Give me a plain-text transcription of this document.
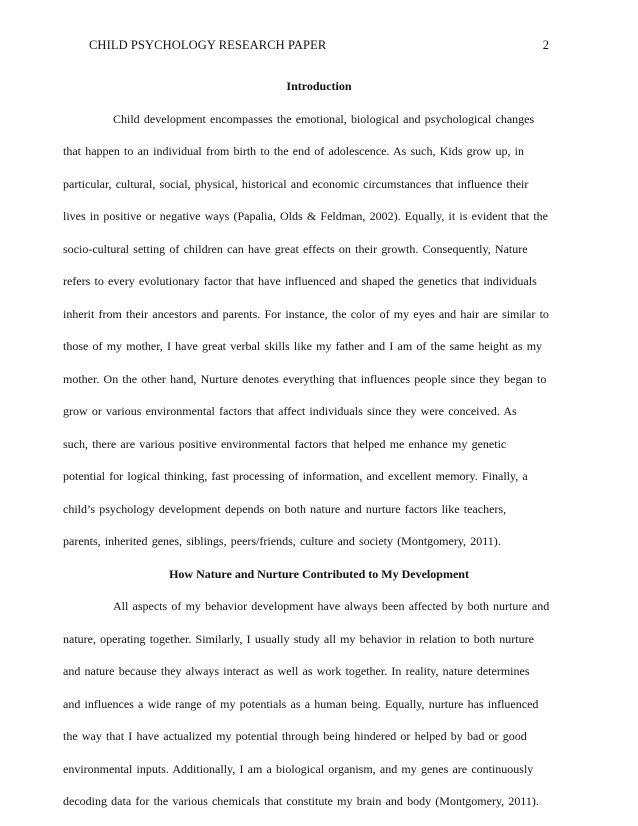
CHILD PSYCHOLOGY RESEARCH PAPER	2
Introduction
Child development encompasses the emotional, biological and psychological changes
that happen to an individual from birth to the end of adolescence. As such, Kids grow up, in
particular, cultural, social, physical, historical and economic circumstances that influence their
lives in positive or negative ways (Papalia, Olds & Feldman, 2002). Equally, it is evident that the
socio-cultural setting of children can have great effects on their growth. Consequently, Nature
refers to every evolutionary factor that have influenced and shaped the genetics that individuals
inherit from their ancestors and parents. For instance, the color of my eyes and hair are similar to
those of my mother, I have great verbal skills like my father and I am of the same height as my
mother. On the other hand, Nurture denotes everything that influences people since they began to
grow or various environmental factors that affect individuals since they were conceived. As
such, there are various positive environmental factors that helped me enhance my genetic
potential for logical thinking, fast processing of information, and excellent memory. Finally, a
child’s psychology development depends on both nature and nurture factors like teachers,
parents, inherited genes, siblings, peers/friends, culture and society (Montgomery, 2011).
How Nature and Nurture Contributed to My Development
All aspects of my behavior development have always been affected by both nurture and
nature, operating together. Similarly, I usually study all my behavior in relation to both nurture
and nature because they always interact as well as work together. In reality, nature determines
and influences a wide range of my potentials as a human being. Equally, nurture has influenced
the way that I have actualized my potential through being hindered or helped by bad or good
environmental inputs. Additionally, I am a biological organism, and my genes are continuously
decoding data for the various chemicals that constitute my brain and body (Montgomery, 2011).
